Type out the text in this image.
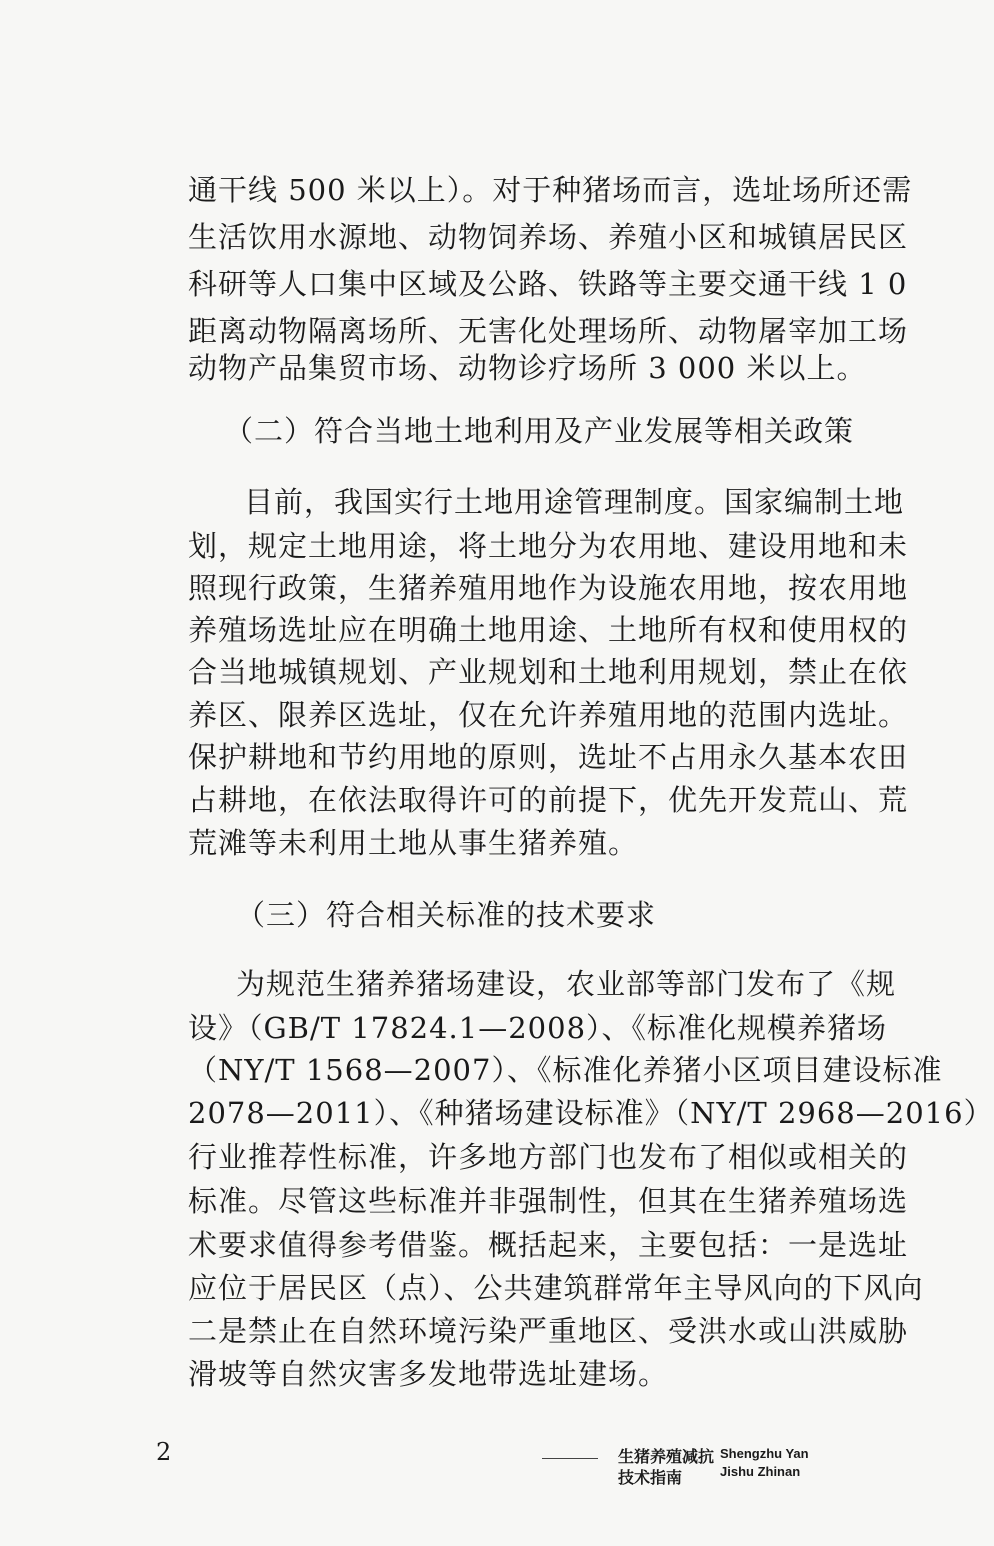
通干线 500 米以上）。对于种猪场而言，选址场所还需
生活饮用水源地、动物饲养场、养殖小区和城镇居民区
科研等人口集中区域及公路、铁路等主要交通干线 1 0
距离动物隔离场所、无害化处理场所、动物屠宰加工场
动物产品集贸市场、动物诊疗场所 3 000 米以上。
（二）符合当地土地利用及产业发展等相关政策
目前，我国实行土地用途管理制度。国家编制土地
划，规定土地用途，将土地分为农用地、建设用地和未
照现行政策，生猪养殖用地作为设施农用地，按农用地
养殖场选址应在明确土地用途、土地所有权和使用权的
合当地城镇规划、产业规划和土地利用规划，禁止在依
养区、限养区选址，仅在允许养殖用地的范围内选址。
保护耕地和节约用地的原则，选址不占用永久基本农田
占耕地，在依法取得许可的前提下，优先开发荒山、荒
荒滩等未利用土地从事生猪养殖。
（三）符合相关标准的技术要求
为规范生猪养猪场建设，农业部等部门发布了《规
设》（GB/T 17824.1—2008）、《标准化规模养猪场
（NY/T 1568—2007）、《标准化养猪小区项目建设标准
2078—2011）、《种猪场建设标准》（NY/T 2968—2016）
行业推荐性标准，许多地方部门也发布了相似或相关的
标准。尽管这些标准并非强制性，但其在生猪养殖场选
术要求值得参考借鉴。概括起来，主要包括：一是选址
应位于居民区（点）、公共建筑群常年主导风向的下风向
二是禁止在自然环境污染严重地区、受洪水或山洪威胁
滑坡等自然灾害多发地带选址建场。
2	生猪养殖减抗
技术指南
Shengzhu Yan
Jishu Zhinan
